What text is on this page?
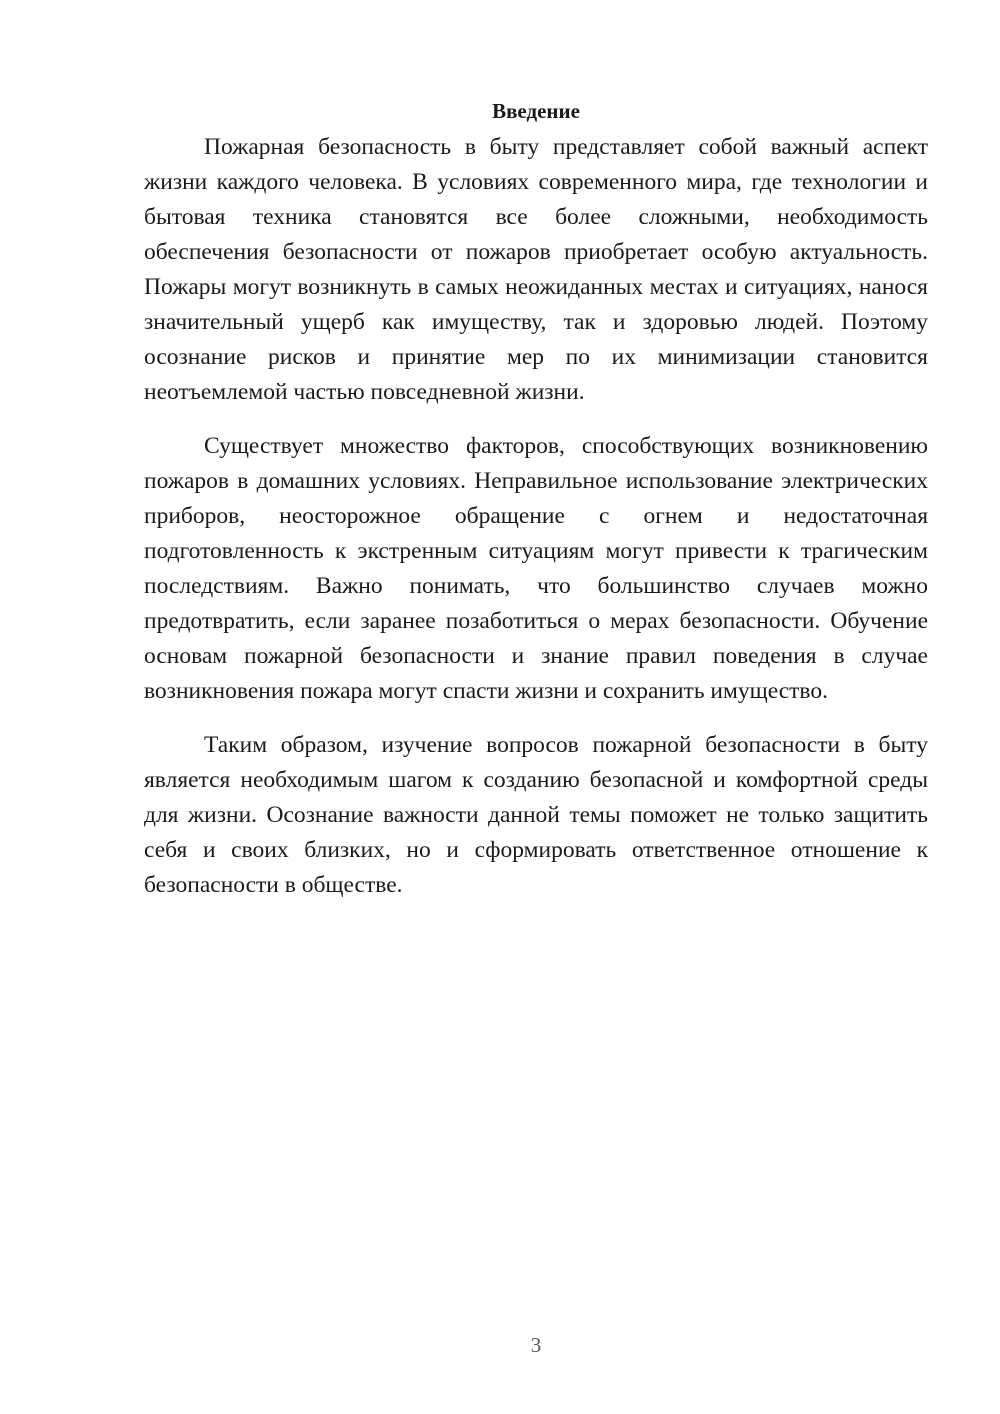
Введение

Пожарная безопасность в быту представляет собой важный аспект жизни каждого человека. В условиях современного мира, где технологии и бытовая техника становятся все более сложными, необходимость обеспечения безопасности от пожаров приобретает особую актуальность. Пожары могут возникнуть в самых неожиданных местах и ситуациях, нанося значительный ущерб как имуществу, так и здоровью людей. Поэтому осознание рисков и принятие мер по их минимизации становится неотъемлемой частью повседневной жизни.

Существует множество факторов, способствующих возникновению пожаров в домашних условиях. Неправильное использование электрических приборов, неосторожное обращение с огнем и недостаточная подготовленность к экстренным ситуациям могут привести к трагическим последствиям. Важно понимать, что большинство случаев можно предотвратить, если заранее позаботиться о мерах безопасности. Обучение основам пожарной безопасности и знание правил поведения в случае возникновения пожара могут спасти жизни и сохранить имущество.

Таким образом, изучение вопросов пожарной безопасности в быту является необходимым шагом к созданию безопасной и комфортной среды для жизни. Осознание важности данной темы поможет не только защитить себя и своих близких, но и сформировать ответственное отношение к безопасности в обществе.

3
